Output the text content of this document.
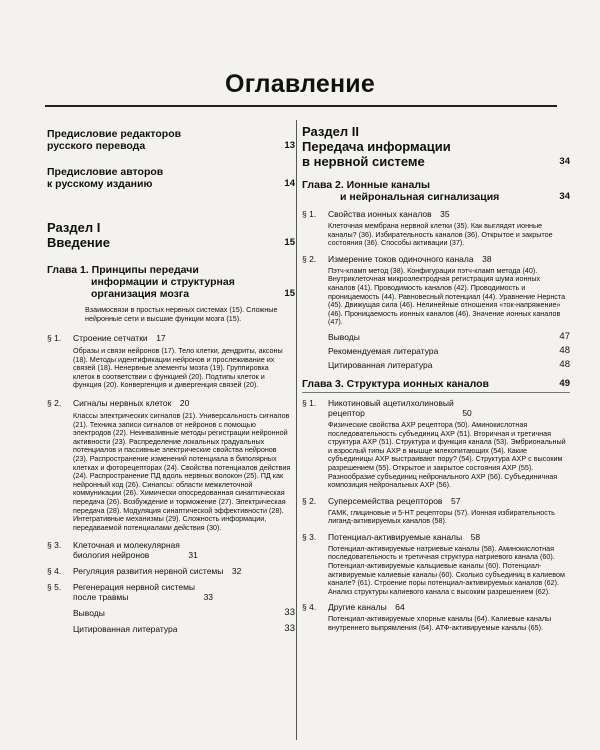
Оглавление
Предисловие редакторов
русского перевода	13
Предисловие авторов
к русскому изданию	14
Раздел I
Введение	15
Глава 1. Принципы передачи
информации и структурная
организация мозга	15
Взаимосвязи в простых нервных системах (15). Сложные нейронные сети и высшие функции мозга (15).
§ 1.	Строение сетчатки	17
Образы и связи нейронов (17). Тело клетки, дендриты, аксоны (18). Методы идентификации нейронов и прослеживание их связей (18). Ненервные элементы мозга (19). Группировка клеток в соответствии с функцией (20). Подтипы клеток и функция (20). Конвергенция и дивергенция связей (20).
§ 2.	Сигналы нервных клеток	20
Классы электрических сигналов (21). Универсальность сигналов (21). Техника записи сигналов от нейронов с помощью электродов (22). Неинвазивные методы регистрации нейронной активности (23). Распределение локальных градуальных потенциалов и пассивные электрические свойства нейронов (23). Распространение изменений потенциала в биполярных клетках и фоторецепторах (24). Свойства потенциалов действия (24). Распространение ПД вдоль нервных волокон (25). ПД как нейронный код (26). Синапсы: области межклеточной коммуникации (26). Химически опосредованная синаптическая передача (26). Возбуждение и торможение (27). Электрическая передача (28). Модуляция синаптической эффективности (28). Интегративные механизмы (29). Сложность информации, передаваемой потенциалами действия (30).
§ 3.	Клеточная и молекулярная
биология нейронов	31
§ 4.	Регуляция развития нервной системы	32
§ 5.	Регенерация нервной системы
после травмы	33
Выводы	33
Цитированная литература	33
Раздел II
Передача информации
в нервной системе	34
Глава 2. Ионные каналы
и нейрональная сигнализация	34
§ 1.	Свойства ионных каналов	35
Клеточная мембрана нервной клетки (35). Как выглядят ионные каналы? (36). Избирательность каналов (36). Открытое и закрытое состояния (36). Способы активации (37).
§ 2.	Измерение токов одиночного канала	38
Пэтч-кламп метод (38). Конфигурации пэтч-кламп метода (40). Внутриклеточная микроэлектродная регистрация шума ионных каналов (41). Проводимость каналов (42). Проводимость и проницаемость (44). Равновесный потенциал (44). Уравнение Нернста (45). Движущая сила (46). Нелинейные отношения «ток-напряжение» (46). Проницаемость ионных каналов (46). Значение ионных каналов (47).
Выводы	47
Рекомендуемая литература	48
Цитированная литература	48
Глава 3. Структура ионных каналов	49
§ 1.	Никотиновый ацетилхолиновый
рецептор	50
Физические свойства АХР рецептора (50). Аминокислотная последовательность субъединиц АХР (51). Вторичная и третичная структура АХР (51). Структура и функция канала (53). Эмбриональный и взрослый типы АХР в мышце млекопитающих (54). Какие субъединицы АХР выстраивают пору? (54). Структура АХР с высоким разрешением (55). Открытое и закрытое состояния АХР (55). Разнообразие субъединиц нейронального АХР (56). Субъединичная композиция нейрональных АХР (56).
§ 2.	Суперсемейства рецепторов	57
ГАМК, глициновые и 5-НТ рецепторы (57). Ионная избирательность лиганд-активируемых каналов (58).
§ 3.	Потенциал-активируемые каналы	58
Потенциал-активируемые натриевые каналы (58). Аминокислотная последовательность и третичная структура натриевого канала (60). Потенциал-активируемые кальциевые каналы (60). Потенциал-активируемые калиевые каналы (60). Сколько субъединиц в калиевом канале? (61). Строение поры потенциал-активируемых каналов (62). Анализ структуры калиевого канала с высоким разрешением (62).
§ 4.	Другие каналы	64
Потенциал-активируемые хлорные каналы (64). Калиевые каналы внутреннего выпрямления (64). АТФ-активируемые каналы (65).
